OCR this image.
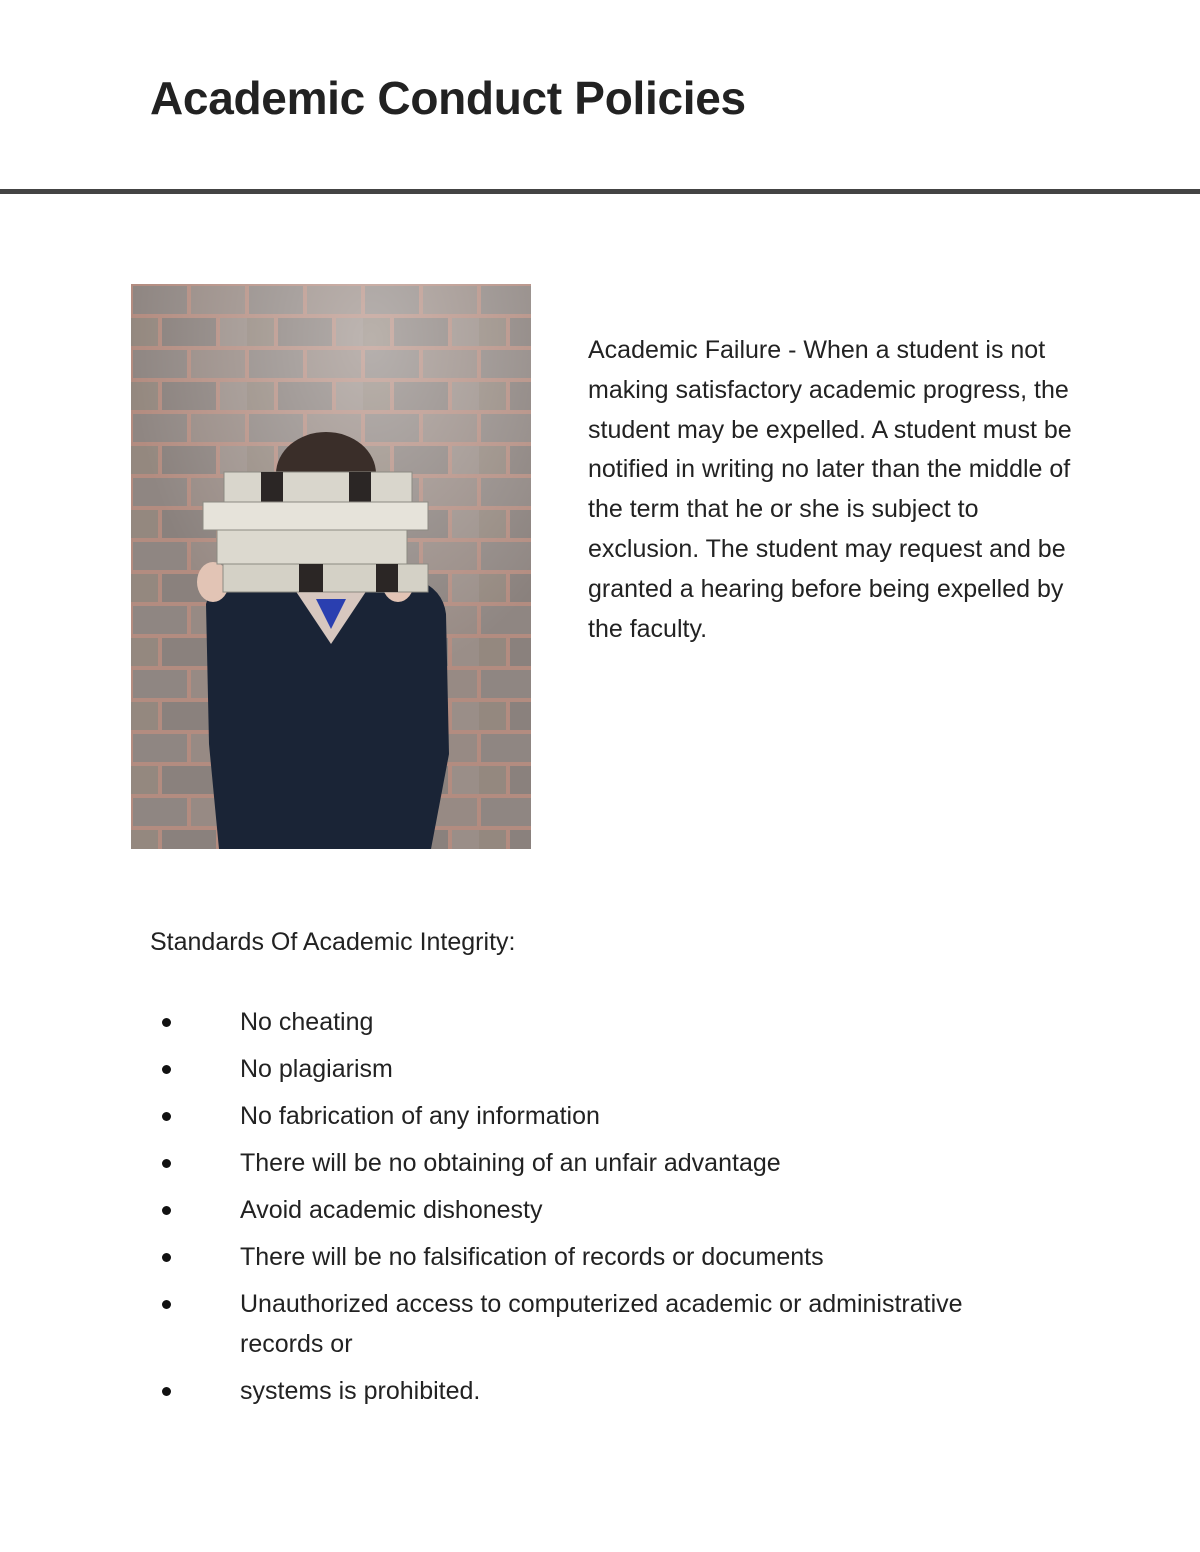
Academic Conduct Policies

Academic Failure - When a student is not making satisfactory academic progress, the student may be expelled. A student must be notified in writing no later than the middle of the term that he or she is subject to exclusion. The student may request and be granted a hearing before being expelled by the faculty.

Standards Of Academic Integrity:

No cheating
No plagiarism
No fabrication of any information
There will be no obtaining of an unfair advantage
Avoid academic dishonesty
There will be no falsification of records or documents
Unauthorized access to computerized academic or administrative records or
systems is prohibited.
